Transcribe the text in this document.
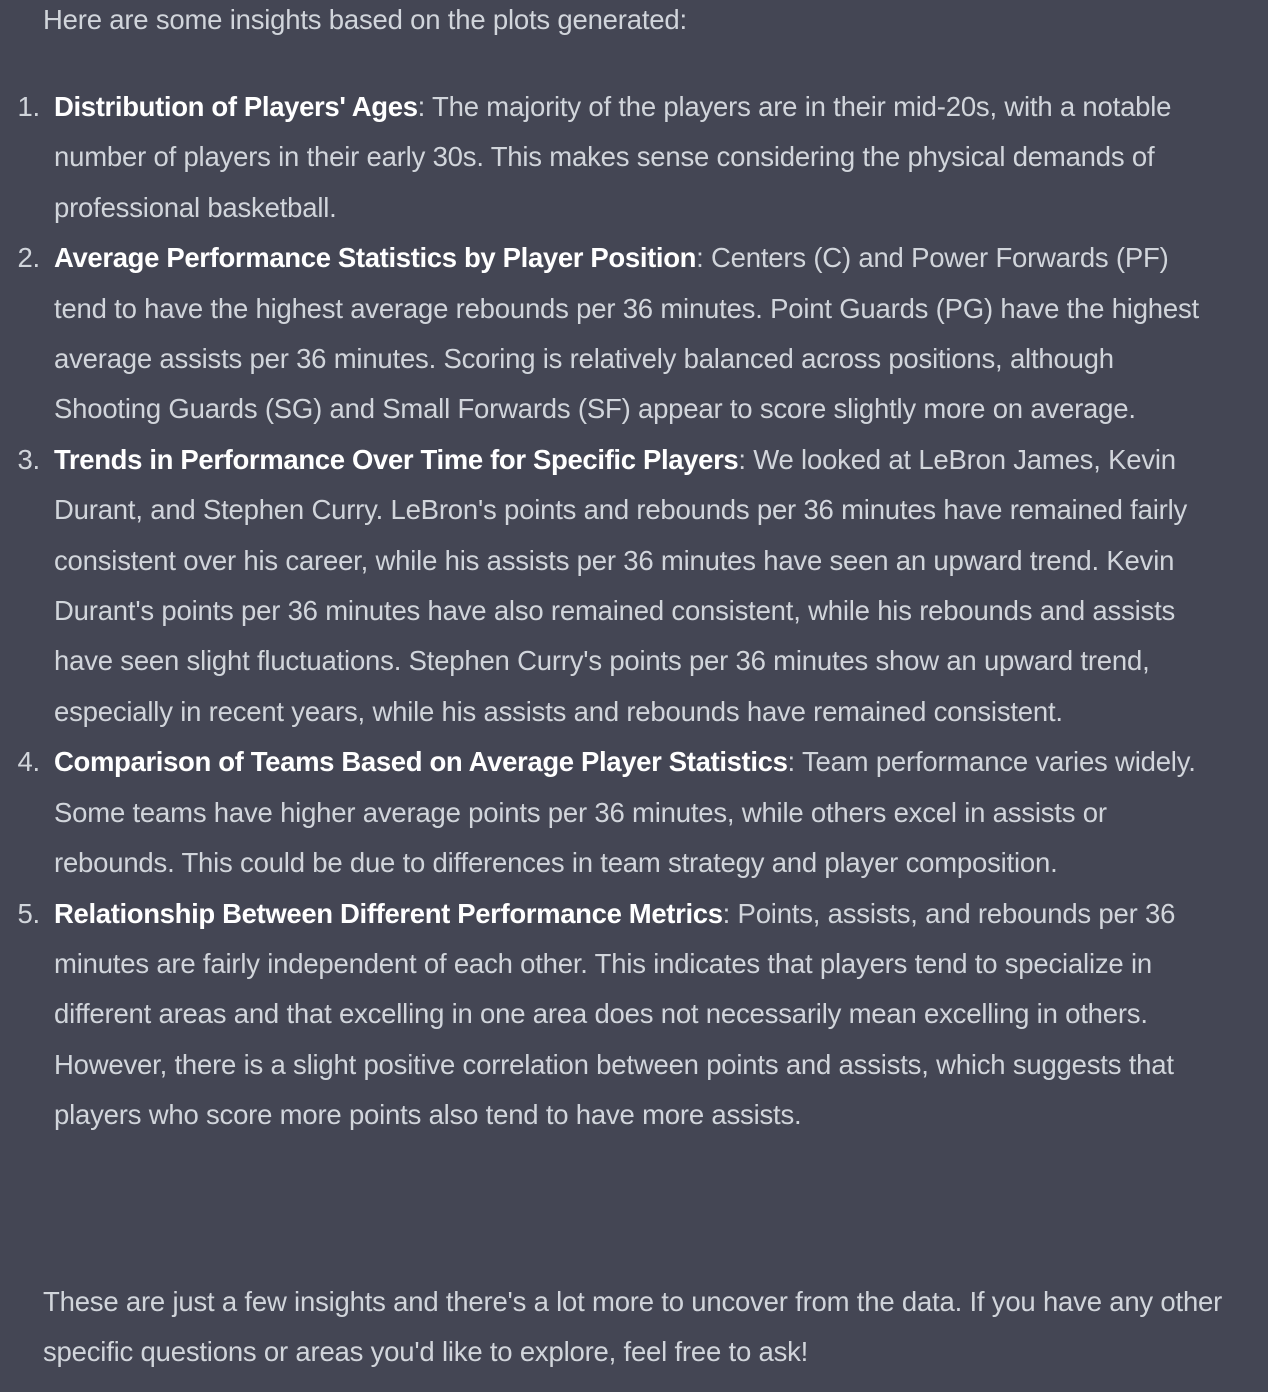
Here are some insights based on the plots generated:

1. Distribution of Players' Ages: The majority of the players are in their mid-20s, with a notable number of players in their early 30s. This makes sense considering the physical demands of professional basketball.
2. Average Performance Statistics by Player Position: Centers (C) and Power Forwards (PF) tend to have the highest average rebounds per 36 minutes. Point Guards (PG) have the highest average assists per 36 minutes. Scoring is relatively balanced across positions, although Shooting Guards (SG) and Small Forwards (SF) appear to score slightly more on average.
3. Trends in Performance Over Time for Specific Players: We looked at LeBron James, Kevin Durant, and Stephen Curry. LeBron's points and rebounds per 36 minutes have remained fairly consistent over his career, while his assists per 36 minutes have seen an upward trend. Kevin Durant's points per 36 minutes have also remained consistent, while his rebounds and assists have seen slight fluctuations. Stephen Curry's points per 36 minutes show an upward trend, especially in recent years, while his assists and rebounds have remained consistent.
4. Comparison of Teams Based on Average Player Statistics: Team performance varies widely. Some teams have higher average points per 36 minutes, while others excel in assists or rebounds. This could be due to differences in team strategy and player composition.
5. Relationship Between Different Performance Metrics: Points, assists, and rebounds per 36 minutes are fairly independent of each other. This indicates that players tend to specialize in different areas and that excelling in one area does not necessarily mean excelling in others. However, there is a slight positive correlation between points and assists, which suggests that players who score more points also tend to have more assists.

These are just a few insights and there's a lot more to uncover from the data. If you have any other specific questions or areas you'd like to explore, feel free to ask!
